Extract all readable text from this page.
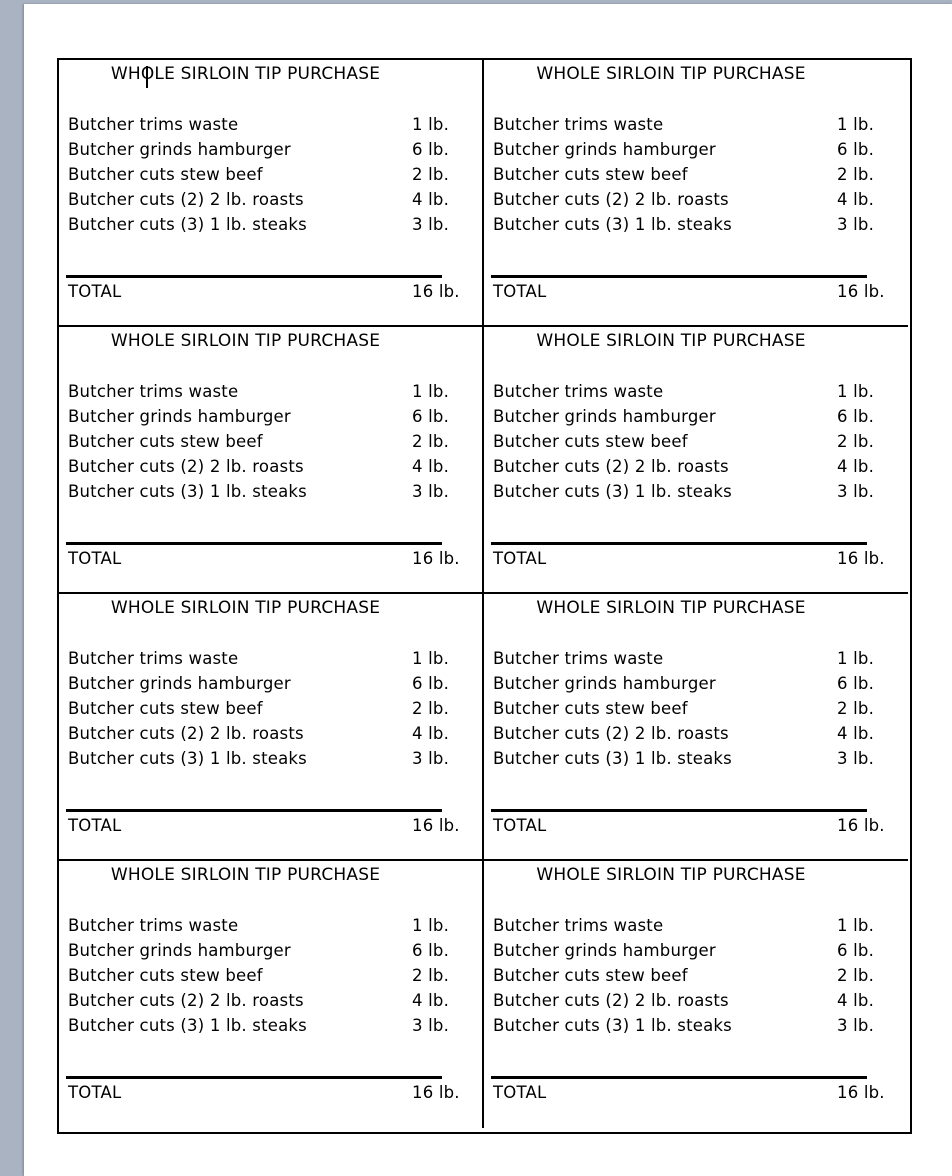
WHOLE SIRLOIN TIP PURCHASE
Butcher trims waste	1 lb.
Butcher grinds hamburger	6 lb.
Butcher cuts stew beef	2 lb.
Butcher cuts (2) 2 lb. roasts	4 lb.
Butcher cuts (3) 1 lb. steaks	3 lb.
TOTAL	16 lb.
WHOLE SIRLOIN TIP PURCHASE
Butcher trims waste	1 lb.
Butcher grinds hamburger	6 lb.
Butcher cuts stew beef	2 lb.
Butcher cuts (2) 2 lb. roasts	4 lb.
Butcher cuts (3) 1 lb. steaks	3 lb.
TOTAL	16 lb.
WHOLE SIRLOIN TIP PURCHASE
Butcher trims waste	1 lb.
Butcher grinds hamburger	6 lb.
Butcher cuts stew beef	2 lb.
Butcher cuts (2) 2 lb. roasts	4 lb.
Butcher cuts (3) 1 lb. steaks	3 lb.
TOTAL	16 lb.
WHOLE SIRLOIN TIP PURCHASE
Butcher trims waste	1 lb.
Butcher grinds hamburger	6 lb.
Butcher cuts stew beef	2 lb.
Butcher cuts (2) 2 lb. roasts	4 lb.
Butcher cuts (3) 1 lb. steaks	3 lb.
TOTAL	16 lb.
WHOLE SIRLOIN TIP PURCHASE
Butcher trims waste	1 lb.
Butcher grinds hamburger	6 lb.
Butcher cuts stew beef	2 lb.
Butcher cuts (2) 2 lb. roasts	4 lb.
Butcher cuts (3) 1 lb. steaks	3 lb.
TOTAL	16 lb.
WHOLE SIRLOIN TIP PURCHASE
Butcher trims waste	1 lb.
Butcher grinds hamburger	6 lb.
Butcher cuts stew beef	2 lb.
Butcher cuts (2) 2 lb. roasts	4 lb.
Butcher cuts (3) 1 lb. steaks	3 lb.
TOTAL	16 lb.
WHOLE SIRLOIN TIP PURCHASE
Butcher trims waste	1 lb.
Butcher grinds hamburger	6 lb.
Butcher cuts stew beef	2 lb.
Butcher cuts (2) 2 lb. roasts	4 lb.
Butcher cuts (3) 1 lb. steaks	3 lb.
TOTAL	16 lb.
WHOLE SIRLOIN TIP PURCHASE
Butcher trims waste	1 lb.
Butcher grinds hamburger	6 lb.
Butcher cuts stew beef	2 lb.
Butcher cuts (2) 2 lb. roasts	4 lb.
Butcher cuts (3) 1 lb. steaks	3 lb.
TOTAL	16 lb.
